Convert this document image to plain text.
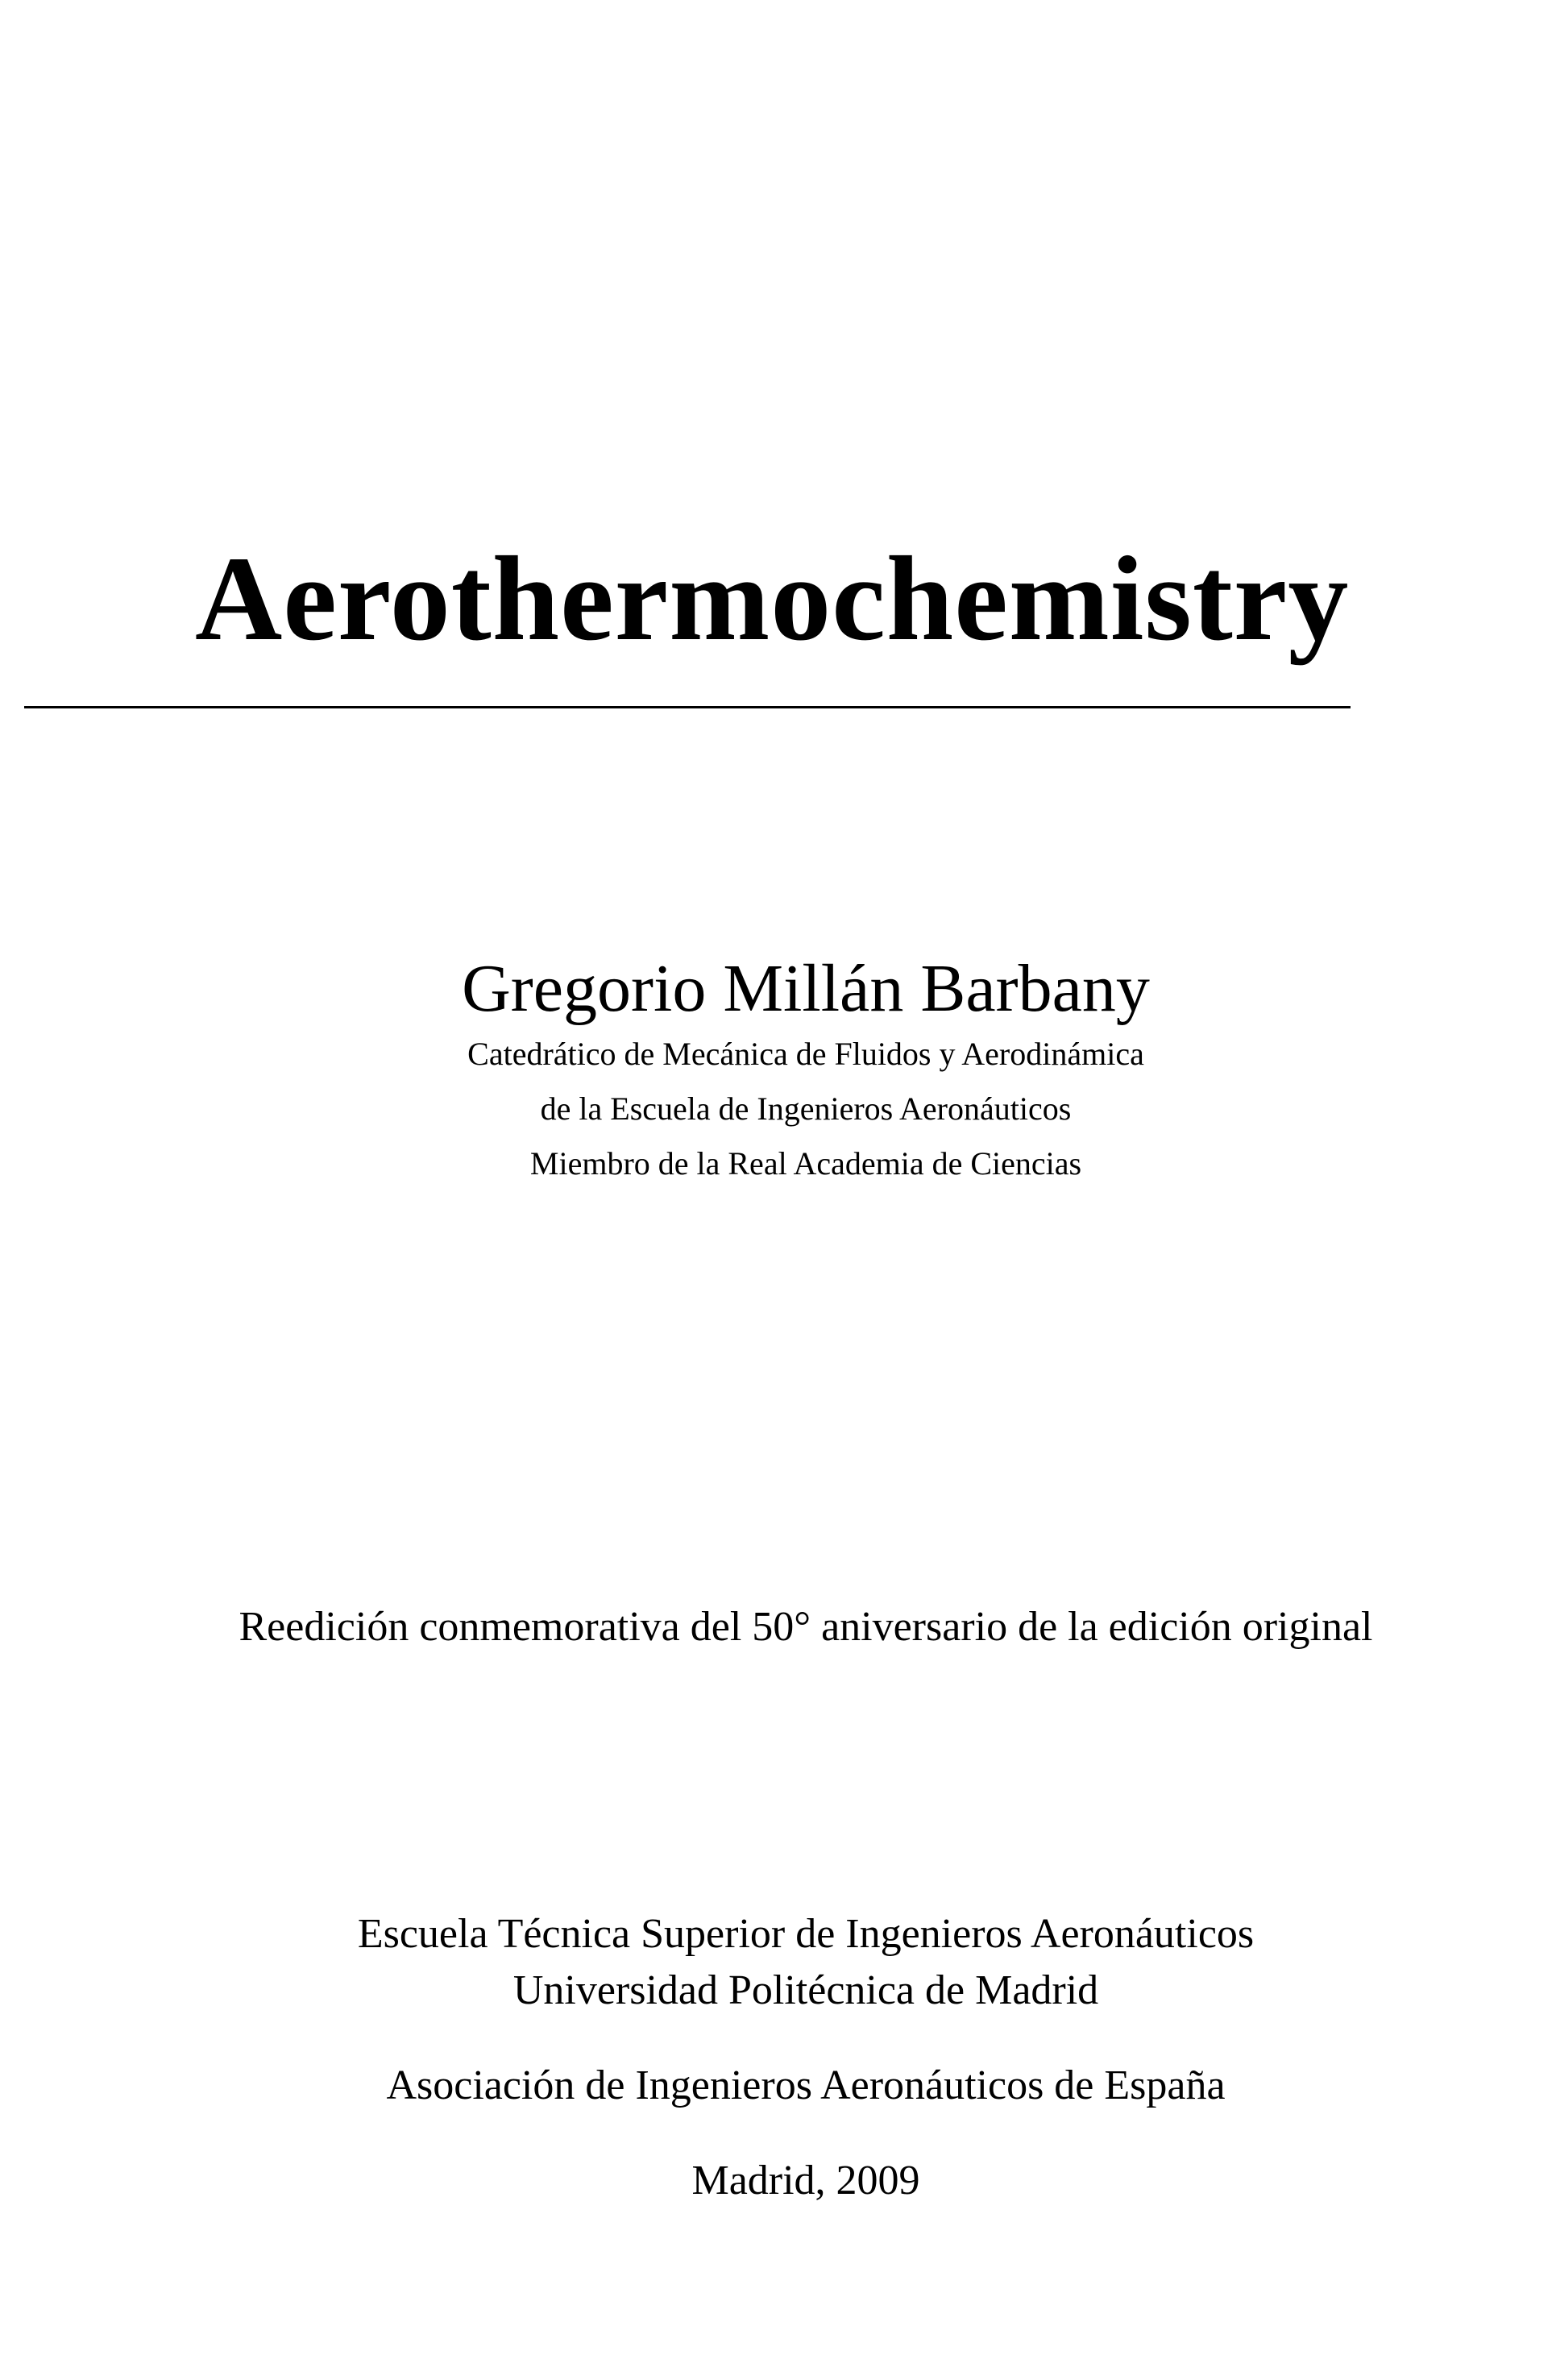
Aerothermochemistry
Gregorio Millán Barbany
Catedrático de Mecánica de Fluidos y Aerodinámica
de la Escuela de Ingenieros Aeronáuticos
Miembro de la Real Academia de Ciencias
Reedición conmemorativa del 50° aniversario de la edición original
Escuela Técnica Superior de Ingenieros Aeronáuticos
Universidad Politécnica de Madrid
Asociación de Ingenieros Aeronáuticos de España
Madrid, 2009
